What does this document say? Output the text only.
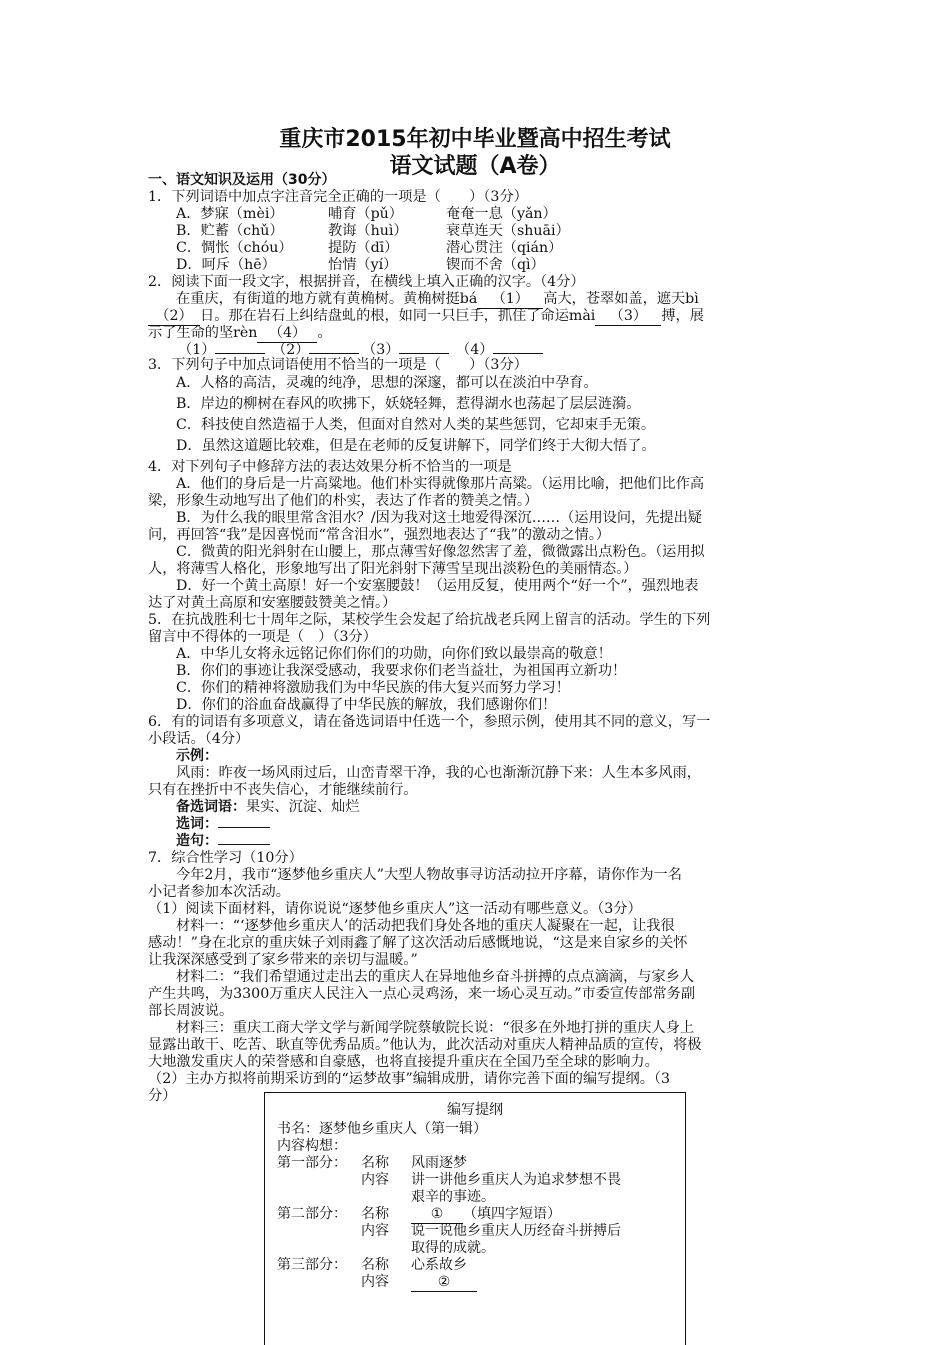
重庆市2015年初中毕业暨高中招生考试
语文试题（A卷）
一、语文知识及运用（30分）
1．下列词语中加点字注音完全正确的一项是（　　）（3分）
A．梦寐（mèi）	哺育（pǔ）	奄奄一息（yǎn）
B．贮蓄（chǔ）	教诲（huì）	衰草连天（shuāi）
C．惆怅（chóu） 提防（dī）	潜心贯注（qián）
D．呵斥（hē）	怡情（yí）	锲而不舍（qì）
2．阅读下面一段文字，根据拼音，在横线上填入正确的汉字。（4分）
在重庆，有街道的地方就有黄桷树。黄桷树挺bá （1） 高大，苍翠如盖，遮天bì
（2） 日。那在岩石上纠结盘虬的根，如同一只巨手，抓住了命运mài （3） 搏，展
示了生命的坚rèn （4） 。
（1）	（2）	（3）	（4）
3．下列句子中加点词语使用不恰当的一项是（　　）（3分）
A．人格的高洁，灵魂的纯净，思想的深邃，都可以在淡泊中孕育。
B．岸边的柳树在春风的吹拂下，妖娆轻舞，惹得湖水也荡起了层层涟漪。
C．科技使自然造福于人类，但面对自然对人类的某些惩罚，它却束手无策。
D．虽然这道题比较难，但是在老师的反复讲解下，同学们终于大彻大悟了。
4．对下列句子中修辞方法的表达效果分析不恰当的一项是
A．他们的身后是一片高粱地。他们朴实得就像那片高粱。（运用比喻，把他们比作高
梁，形象生动地写出了他们的朴实，表达了作者的赞美之情。）
B．为什么我的眼里常含泪水？/因为我对这土地爱得深沉……（运用设问，先提出疑
问，再回答“我”是因喜悦而“常含泪水”，强烈地表达了“我”的激动之情。）
C．微黄的阳光斜射在山腰上，那点薄雪好像忽然害了羞，微微露出点粉色。（运用拟
人，将薄雪人格化，形象地写出了阳光斜射下薄雪呈现出淡粉色的美丽情态。）
D．好一个黄土高原！好一个安塞腰鼓！（运用反复，使用两个“好一个”，强烈地表
达了对黄土高原和安塞腰鼓赞美之情。）
5．在抗战胜利七十周年之际，某校学生会发起了给抗战老兵网上留言的活动。学生的下列
留言中不得体的一项是（　）（3分）
A．中华儿女将永远铭记你们你们的功勋，向你们致以最崇高的敬意！
B．你们的事迹让我深受感动，我要求你们老当益壮，为祖国再立新功！
C．你们的精神将激励我们为中华民族的伟大复兴而努力学习！
D．你们的浴血奋战赢得了中华民族的解放，我们感谢你们！
6．有的词语有多项意义，请在备选词语中任选一个，参照示例，使用其不同的意义，写一
小段话。（4分）
示例：
风雨：昨夜一场风雨过后，山峦青翠干净，我的心也渐渐沉静下来：人生本多风雨，
只有在挫折中不丧失信心，才能继续前行。
备选词语：果实、沉淀、灿烂
选词：
造句：
7．综合性学习（10分）
今年2月，我市“逐梦他乡重庆人”大型人物故事寻访活动拉开序幕，请你作为一名
小记者参加本次活动。
（1）阅读下面材料，请你说说“逐梦他乡重庆人”这一活动有哪些意义。（3分）
材料一：“‘逐梦他乡重庆人’的活动把我们身处各地的重庆人凝聚在一起，让我很
感动！”身在北京的重庆妹子刘雨鑫了解了这次活动后感慨地说，“这是来自家乡的关怀
让我深深感受到了家乡带来的亲切与温暖。”
材料二：“我们希望通过走出去的重庆人在异地他乡奋斗拼搏的点点滴滴，与家乡人
产生共鸣，为3300万重庆人民注入一点心灵鸡汤，来一场心灵互动。”市委宣传部常务副
部长周波说。
材料三：重庆工商大学文学与新闻学院蔡敏院长说：“很多在外地打拼的重庆人身上
显露出敢干、吃苦、耿直等优秀品质。”他认为，此次活动对重庆人精神品质的宣传，将极
大地激发重庆人的荣誉感和自豪感，也将直接提升重庆在全国乃至全球的影响力。
（2）主办方拟将前期采访到的“运梦故事”编辑成册，请你完善下面的编写提纲。（3
分）
编写提纲
书名：逐梦他乡重庆人（第一辑）
内容构想：
第一部分： 名称 风雨逐梦
内容 讲一讲他乡重庆人为追求梦想不畏
艰辛的事迹。
第二部分： 名称	① （填四字短语）
内容 说一说他乡重庆人历经奋斗拼搏后
取得的成就。
第三部分： 名称 心系故乡
内容	②
